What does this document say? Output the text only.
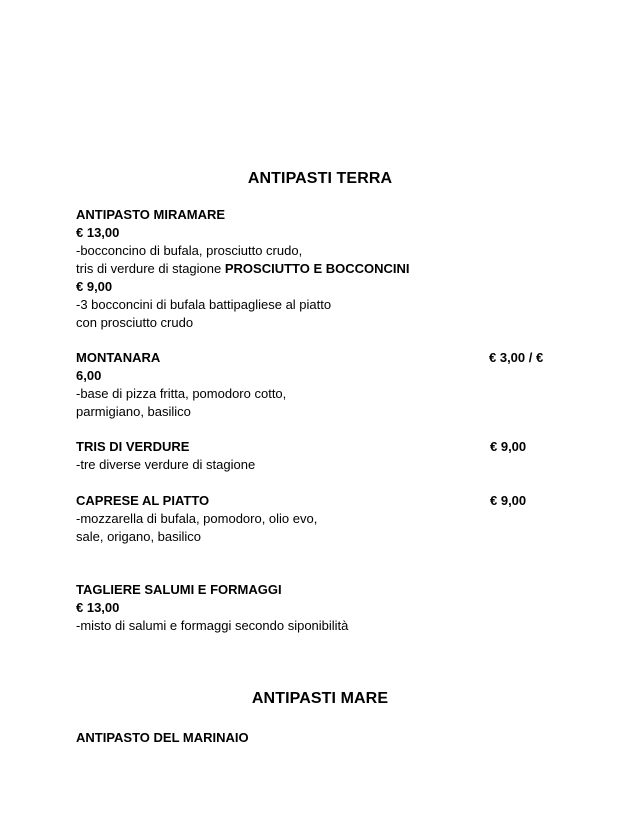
ANTIPASTI TERRA
ANTIPASTO MIRAMARE
€ 13,00
-bocconcino di bufala, prosciutto crudo,
tris di verdure di stagione PROSCIUTTO E BOCCONCINI
€ 9,00
-3 bocconcini di bufala battipagliese al piatto
con prosciutto crudo
MONTANARA	€ 3,00 / €
6,00
-base di pizza fritta, pomodoro cotto,
parmigiano, basilico
TRIS DI VERDURE	€ 9,00
-tre diverse verdure di stagione
CAPRESE AL PIATTO	€ 9,00
-mozzarella di bufala, pomodoro, olio evo,
sale, origano, basilico
TAGLIERE SALUMI E FORMAGGI
€ 13,00
-misto di salumi e formaggi secondo siponibilità
ANTIPASTI MARE
ANTIPASTO DEL MARINAIO
